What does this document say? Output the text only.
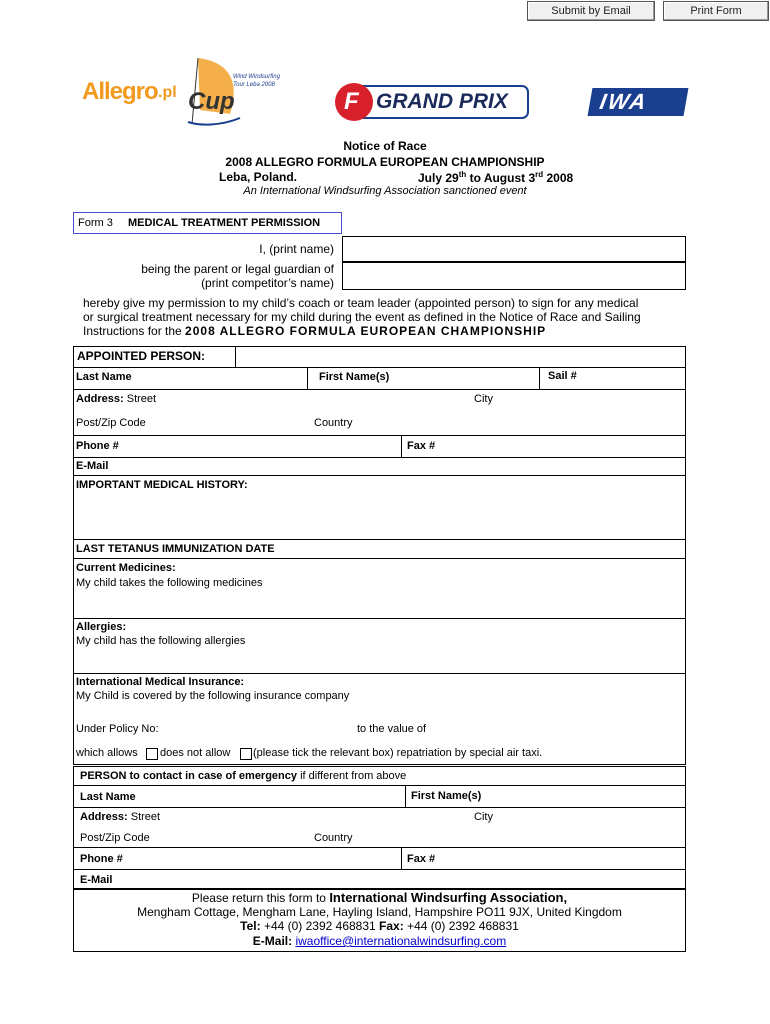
Submit by Email	Print Form
Allegro .pl Cup
Wind Windsurfing
Tour Leba 2008
F GRAND PRIX	IWA
Notice of Race
2008 ALLEGRO FORMULA EUROPEAN CHAMPIONSHIP
Leba, Poland.	July 29th to August 3rd 2008
An International Windsurfing Association sanctioned event
Form 3 MEDICAL TREATMENT PERMISSION
I, (print name)
being the parent or legal guardian of
(print competitor’s name)
hereby give my permission to my child’s coach or team leader (appointed person) to sign for any medical
or surgical treatment necessary for my child during the event as defined in the Notice of Race and Sailing
Instructions for the 2008 ALLEGRO FORMULA EUROPEAN CHAMPIONSHIP
APPOINTED PERSON:
Last Name	First Name(s)	Sail #
Address: Street	City
Post/Zip Code	Country
Phone #	Fax #
E-Mail
IMPORTANT MEDICAL HISTORY:
LAST TETANUS IMMUNIZATION DATE
Current Medicines:
My child takes the following medicines
Allergies:
My child has the following allergies
International Medical Insurance:
My Child is covered by the following insurance company
Under Policy No:	to the value of
which allows does not allow (please tick the relevant box) repatriation by special air taxi.
PERSON to contact in case of emergency if different from above
Last Name	First Name(s)
Address: Street	City
Post/Zip Code	Country
Phone #	Fax #
E-Mail
Please return this form to International Windsurfing Association,
Mengham Cottage, Mengham Lane, Hayling Island, Hampshire PO11 9JX, United Kingdom
Tel: +44 (0) 2392 468831 Fax: +44 (0) 2392 468831
E-Mail: iwaoffice@internationalwindsurfing.com
